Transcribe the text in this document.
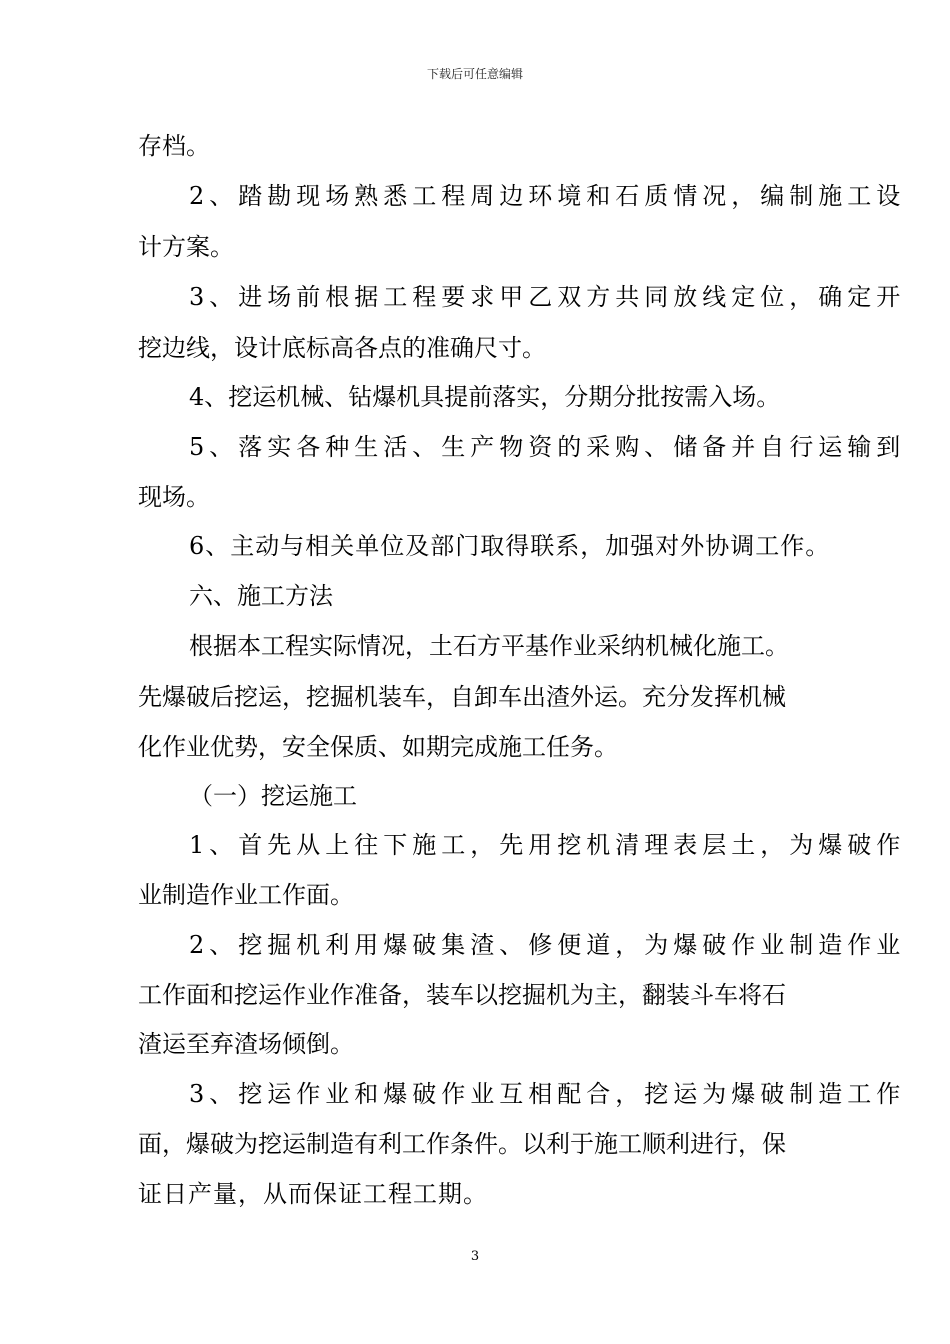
下载后可任意编辑
存档。
2、踏勘现场熟悉工程周边环境和石质情况，编制施工设
计方案。
3、进场前根据工程要求甲乙双方共同放线定位，确定开
挖边线，设计底标高各点的准确尺寸。
4、挖运机械、钻爆机具提前落实，分期分批按需入场。
5、落实各种生活、生产物资的采购、储备并自行运输到
现场。
6、主动与相关单位及部门取得联系，加强对外协调工作。
六、施工方法
根据本工程实际情况，土石方平基作业采纳机械化施工。
先爆破后挖运，挖掘机装车，自卸车出渣外运。充分发挥机械
化作业优势，安全保质、如期完成施工任务。
（一）挖运施工
1、首先从上往下施工，先用挖机清理表层土，为爆破作
业制造作业工作面。
2、挖掘机利用爆破集渣、修便道，为爆破作业制造作业
工作面和挖运作业作准备，装车以挖掘机为主，翻装斗车将石
渣运至弃渣场倾倒。
3、挖运作业和爆破作业互相配合，挖运为爆破制造工作
面，爆破为挖运制造有利工作条件。以利于施工顺利进行，保
证日产量，从而保证工程工期。
3
